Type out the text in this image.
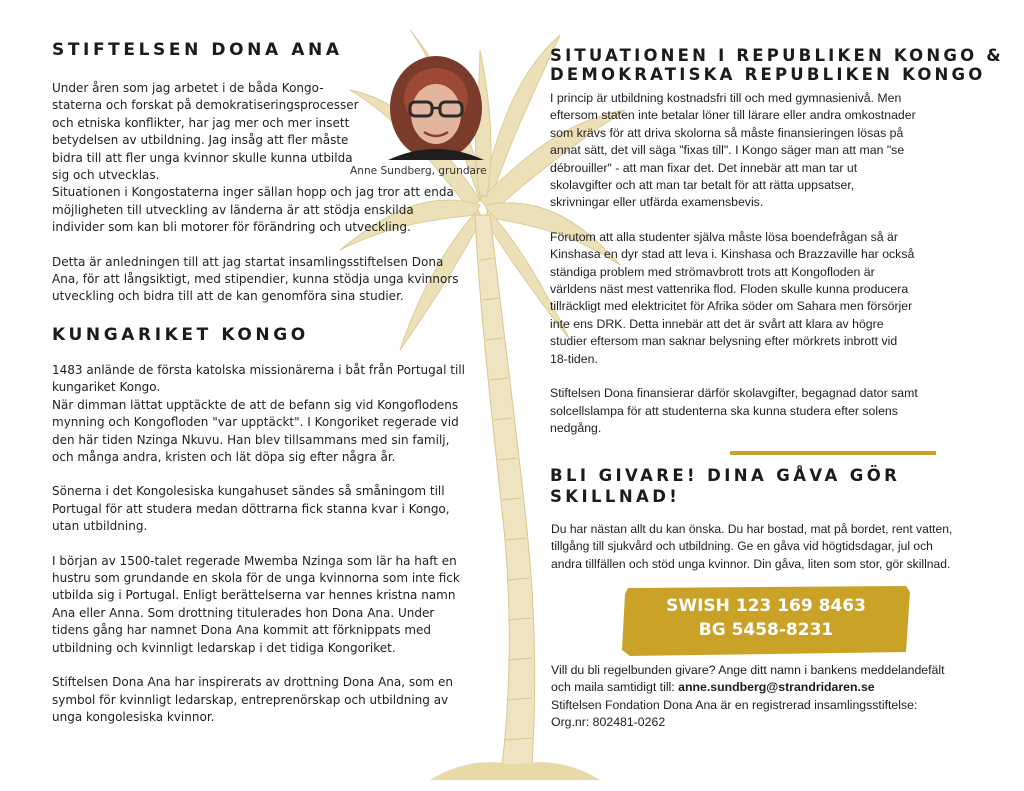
STIFTELSEN DONA ANA

Under åren som jag arbetet i de båda Kongo-

staterna och forskat på demokratiseringsprocesser

och etniska konflikter, har jag mer och mer insett

betydelsen av utbildning. Jag insåg att fler måste

bidra till att fler unga kvinnor skulle kunna utbilda

sig och utvecklas.

Situationen i Kongostaterna inger sällan hopp och jag tror att enda

möjligheten till utveckling av länderna är att stödja enskilda

individer som kan bli motorer för förändring och utveckling.

Detta är anledningen till att jag startat insamlingsstiftelsen Dona

Ana, för att långsiktigt, med stipendier, kunna stödja unga kvinnors

utveckling och bidra till att de kan genomföra sina studier.

Anne Sundberg, grundare
KUNGARIKET KONGO

1483 anlände de första katolska missionärerna i båt från Portugal till

kungariket Kongo.

När dimman lättat upptäckte de att de befann sig vid Kongoflodens

mynning och Kongofloden "var upptäckt". I Kongoriket regerade vid

den här tiden Nzinga Nkuvu. Han blev tillsammans med sin familj,

och många andra, kristen och lät döpa sig efter några år.

Sönerna i det Kongolesiska kungahuset sändes så småningom till

Portugal för att studera medan döttrarna fick stanna kvar i Kongo,

utan utbildning.

I början av 1500-talet regerade Mwemba Nzinga som lär ha haft en

hustru som grundande en skola för de unga kvinnorna som inte fick

utbilda sig i Portugal. Enligt berättelserna var hennes kristna namn

Ana eller Anna. Som drottning titulerades hon Dona Ana. Under

tidens gång har namnet Dona Ana kommit att förknippats med

utbildning och kvinnligt ledarskap i det tidiga Kongoriket.

Stiftelsen Dona Ana har inspirerats av drottning Dona Ana, som en

symbol för kvinnligt ledarskap, entreprenörskap och utbildning av

unga kongolesiska kvinnor.

SITUATIONEN I REPUBLIKEN KONGO &
DEMOKRATISKA REPUBLIKEN KONGO

I princip är utbildning kostnadsfri till och med gymnasienivå. Men

eftersom staten inte betalar löner till lärare eller andra omkostnader

som krävs för att driva skolorna så måste finansieringen lösas på

annat sätt, det vill säga "fixas till". I Kongo säger man att man "se

débrouiller" - att man fixar det. Det innebär att man tar ut

skolavgifter och att man tar betalt för att rätta uppsatser,

skrivningar eller utfärda examensbevis.

Förutom att alla studenter själva måste lösa boendefrågan så är

Kinshasa en dyr stad att leva i. Kinshasa och Brazzaville har också

ständiga problem med strömavbrott trots att Kongofloden är

världens näst mest vattenrika flod. Floden skulle kunna producera

tillräckligt med elektricitet för Afrika söder om Sahara men försörjer

inte ens DRK. Detta innebär att det är svårt att klara av högre

studier eftersom man saknar belysning efter mörkrets inbrott vid

18-tiden.

Stiftelsen Dona finansierar därför skolavgifter, begagnad dator samt

solcellslampa för att studenterna ska kunna studera efter solens

nedgång.

BLI GIVARE! DINA GÅVA GÖR
SKILLNAD!

Du har nästan allt du kan önska. Du har bostad, mat på bordet, rent vatten,

tillgång till sjukvård och utbildning. Ge en gåva vid högtidsdagar, jul och

andra tillfällen och stöd unga kvinnor. Din gåva, liten som stor, gör skillnad.

SWISH 123 169 8463
BG 5458-8231

Vill du bli regelbunden givare? Ange ditt namn i bankens meddelandefält

och maila samtidigt till: anne.sundberg@strandridaren.se

Stiftelsen Fondation Dona Ana är en registrerad insamlingsstiftelse:

Org.nr: 802481-0262
